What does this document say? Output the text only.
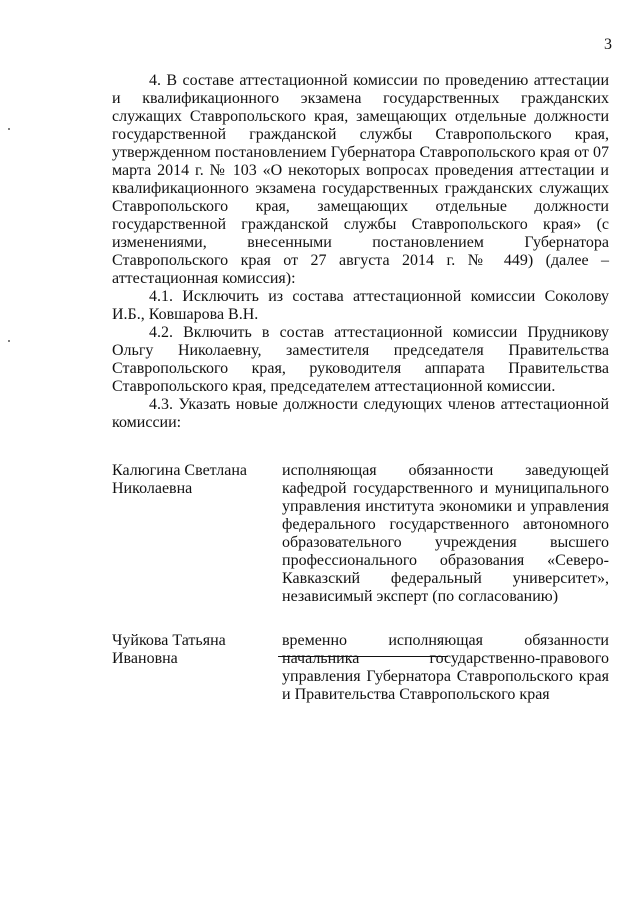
3

4. В составе аттестационной комиссии по проведению аттестации и квалификационного экзамена государственных гражданских служащих Ставропольского края, замещающих отдельные должности государственной гражданской службы Ставропольского края, утвержденном постановлением Губернатора Ставропольского края от 07 марта 2014 г. № 103 «О некоторых вопросах проведения аттестации и квалификационного экзамена государственных гражданских служащих Ставропольского края, замещающих отдельные должности государственной гражданской службы Ставропольского края» (с изменениями, внесенными постановлением Губернатора Ставропольского края от 27 августа 2014 г. № 449) (далее – аттестационная комиссия):

4.1. Исключить из состава аттестационной комиссии Соколову И.Б., Ковшарова В.Н.

4.2. Включить в состав аттестационной комиссии Прудникову Ольгу Николаевну, заместителя председателя Правительства Ставропольского края, руководителя аппарата Правительства Ставропольского края, председателем аттестационной комиссии.

4.3. Указать новые должности следующих членов аттестационной комиссии:

Калюгина Светлана Николаевна
исполняющая обязанности заведующей кафедрой государственного и муниципального управления института экономики и управления федерального государственного автономного образовательного учреждения высшего профессионального образования «Северо-Кавказский федеральный университет», независимый эксперт (по согласованию)
Чуйкова Татьяна Ивановна
временно исполняющая обязанности начальника государственно-правового управления Губернатора Ставропольского края и Правительства Ставропольского края
